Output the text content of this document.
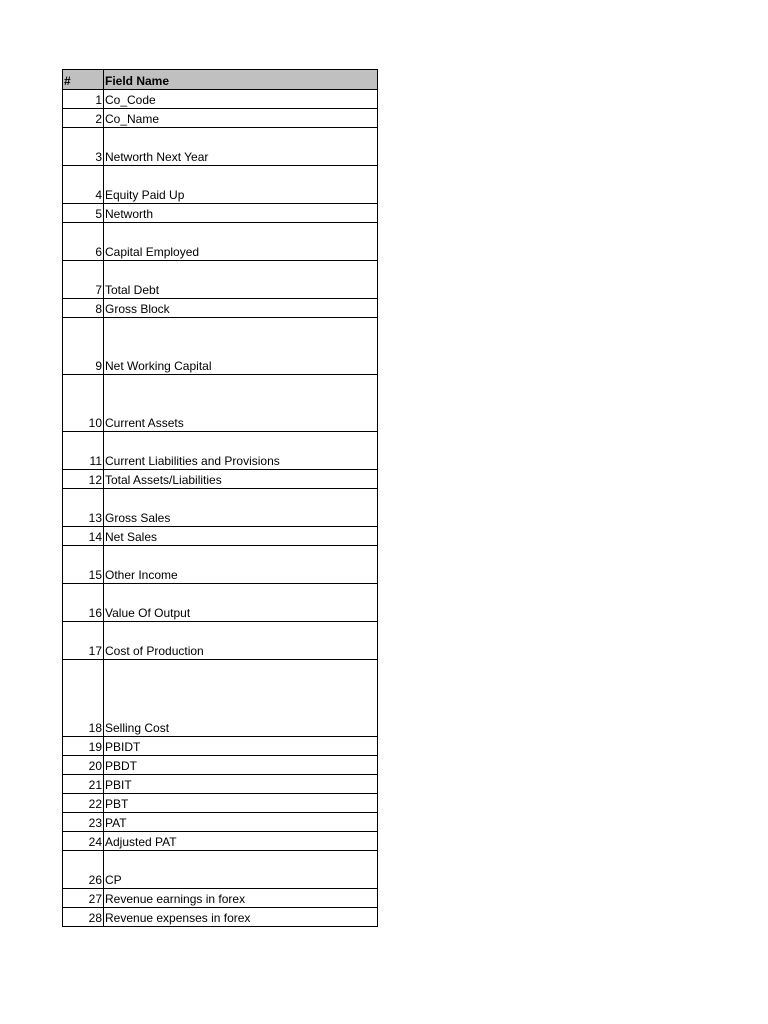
#	Field Name
1	Co_Code
2	Co_Name
3	Networth Next Year
4	Equity Paid Up
5	Networth
6	Capital Employed
7	Total Debt
8	Gross Block
9	Net Working Capital
10	Current Assets
11	Current Liabilities and Provisions
12	Total Assets/Liabilities
13	Gross Sales
14	Net Sales
15	Other Income
16	Value Of Output
17	Cost of Production
18	Selling Cost
19	PBIDT
20	PBDT
21	PBIT
22	PBT
23	PAT
24	Adjusted PAT
26	CP
27	Revenue earnings in forex
28	Revenue expenses in forex
